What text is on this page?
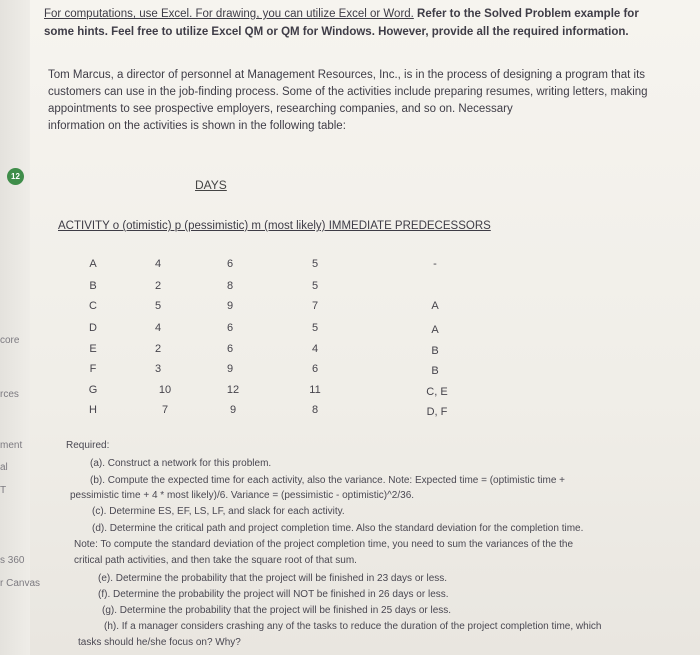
12
core
rces
ment
al
T
s 360
r Canvas
For computations, use Excel. For drawing, you can utilize Excel or Word. Refer to the Solved Problem example for
some hints. Feel free to utilize Excel QM or QM for Windows. However, provide all the required information.
Tom Marcus, a director of personnel at Management Resources, Inc., is in the process of designing a program that its
customers can use in the job-finding process. Some of the activities include preparing resumes, writing letters, making
appointments to see prospective employers, researching companies, and so on. Necessary
information on the activities is shown in the following table:
DAYS
ACTIVITY o (otimistic) p (pessimistic) m (most likely) IMMEDIATE PREDECESSORS
A	4	6	5	-
B	2	8	5
C	5	9	7	A
D	4	6	5	A
E	2	6	4	B
F	3	9	6	B
G	10	12	11	C, E
H	7	9	8	D, F
Required:
(a). Construct a network for this problem.
(b). Compute the expected time for each activity, also the variance. Note: Expected time = (optimistic time +
pessimistic time + 4 * most likely)/6. Variance = (pessimistic - optimistic)^2/36.
(c). Determine ES, EF, LS, LF, and slack for each activity.
(d). Determine the critical path and project completion time. Also the standard deviation for the completion time.
Note: To compute the standard deviation of the project completion time, you need to sum the variances of the the
critical path activities, and then take the square root of that sum.
(e). Determine the probability that the project will be finished in 23 days or less.
(f). Determine the probability the project will NOT be finished in 26 days or less.
(g). Determine the probability that the project will be finished in 25 days or less.
(h). If a manager considers crashing any of the tasks to reduce the duration of the project completion time, which
tasks should he/she focus on? Why?
